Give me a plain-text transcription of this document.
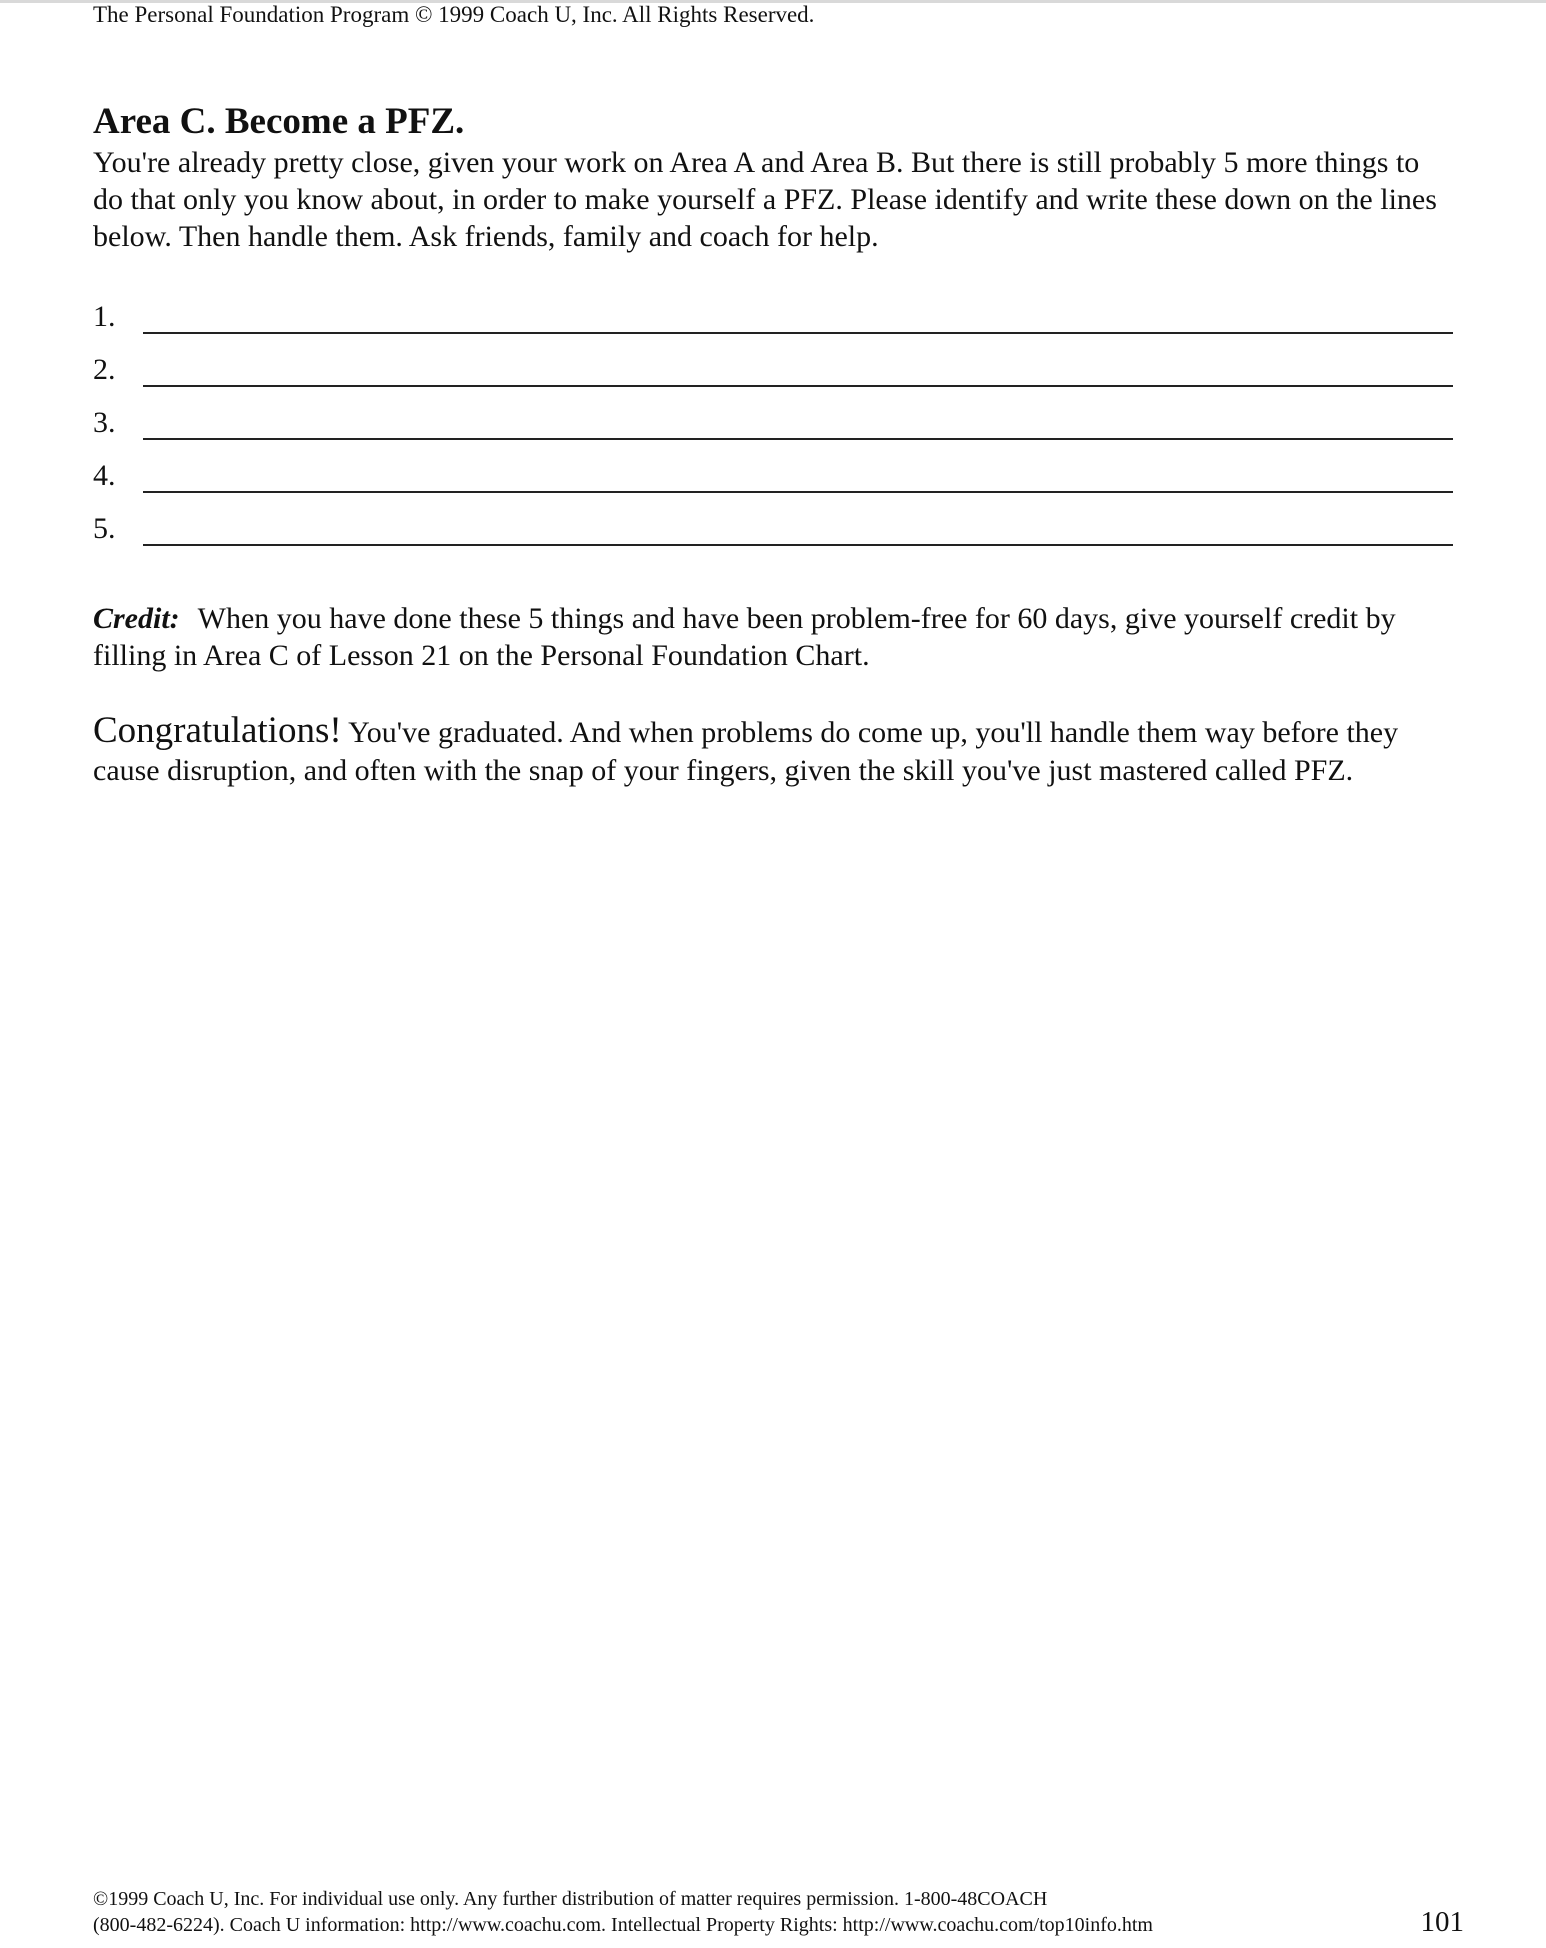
The Personal Foundation Program © 1999 Coach U, Inc. All Rights Reserved.
Area C. Become a PFZ.

You're already pretty close, given your work on Area A and Area B. But there is still probably 5 more things to do that only you know about, in order to make yourself a PFZ. Please identify and write these down on the lines below. Then handle them. Ask friends, family and coach for help.

1.
2.
3.
4.
5.

Credit: When you have done these 5 things and have been problem-free for 60 days, give yourself credit by filling in Area C of Lesson 21 on the Personal Foundation Chart.

Congratulations! You've graduated. And when problems do come up, you'll handle them way before they cause disruption, and often with the snap of your fingers, given the skill you've just mastered called PFZ.

©1999 Coach U, Inc. For individual use only. Any further distribution of matter requires permission. 1-800-48COACH
(800-482-6224). Coach U information: http://www.coachu.com. Intellectual Property Rights: http://www.coachu.com/top10info.htm	101
